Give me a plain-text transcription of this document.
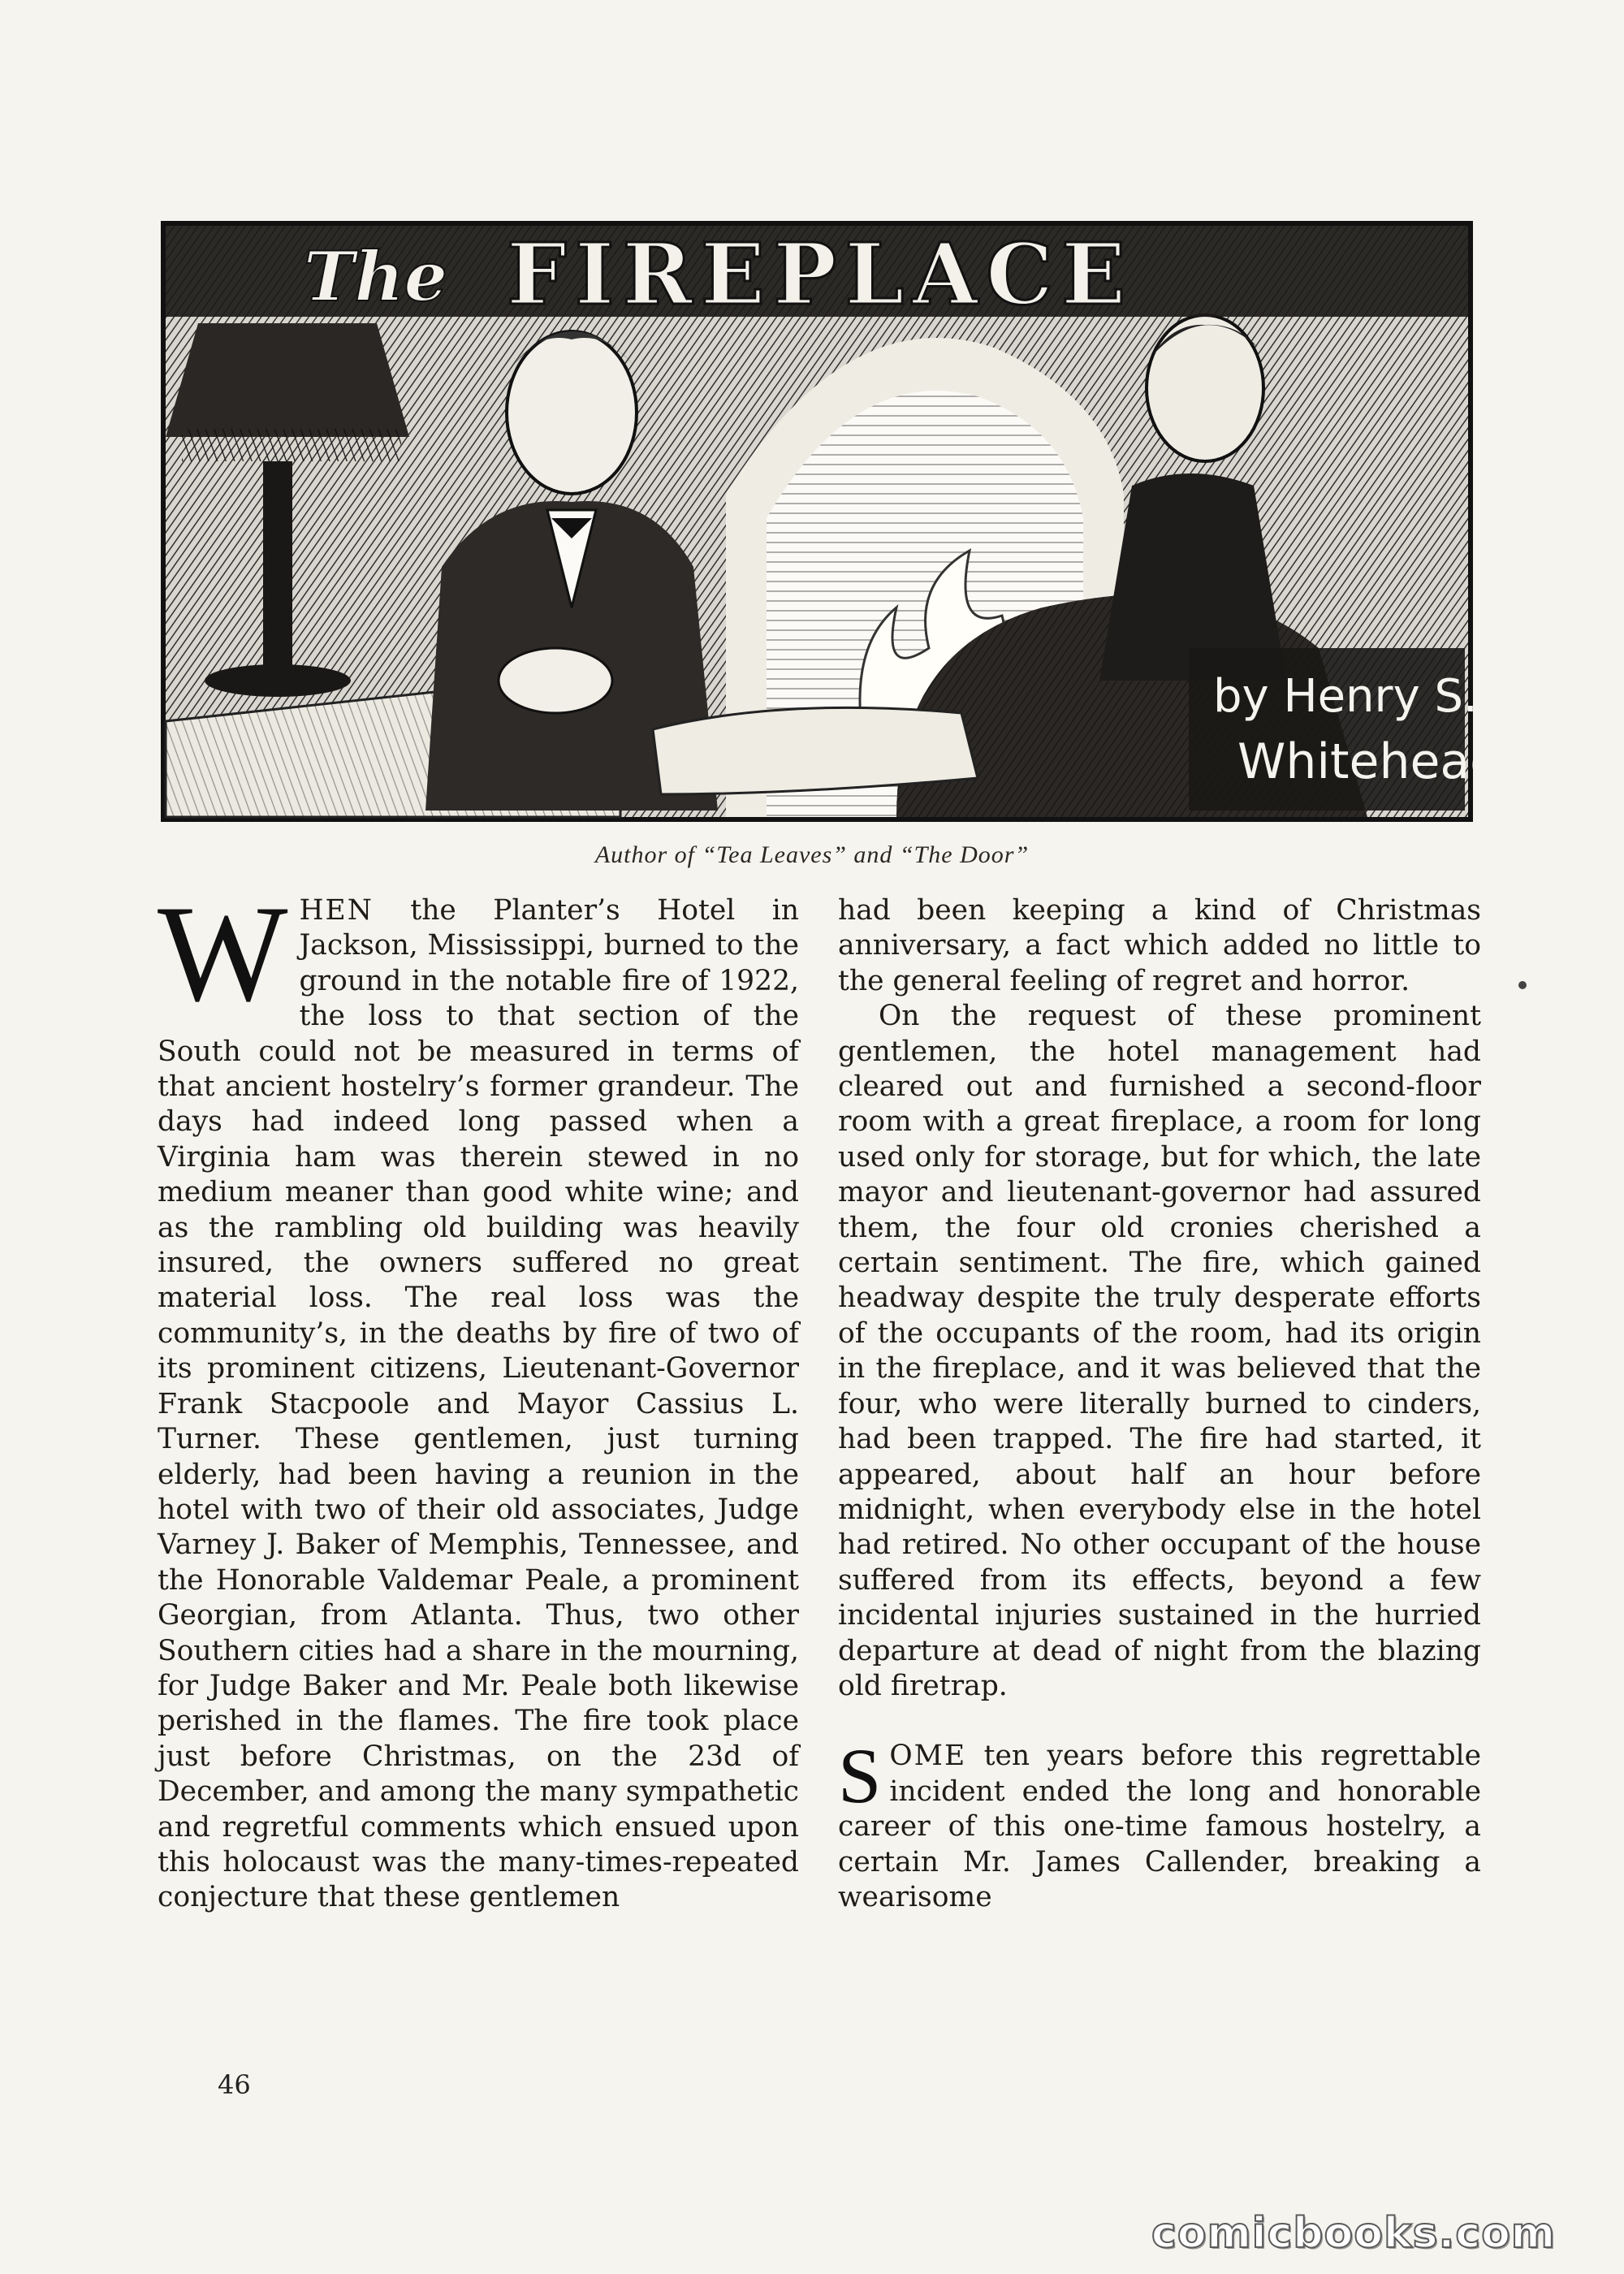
The FIREPLACE
by Henry S.
Whitehead
Author of “Tea Leaves” and “The Door”

WHEN the Planter’s Hotel in Jackson, Mississippi, burned to the ground in the notable fire of 1922, the loss to that section of the South could not be measured in terms of that ancient hostelry’s former grandeur. The days had indeed long passed when a Virginia ham was therein stewed in no medium meaner than good white wine; and as the rambling old building was heavily insured, the owners suffered no great material loss. The real loss was the community’s, in the deaths by fire of two of its prominent citizens, Lieutenant-Governor Frank Stacpoole and Mayor Cassius L. Turner. These gentlemen, just turning elderly, had been having a reunion in the hotel with two of their old associates, Judge Varney J. Baker of Memphis, Tennessee, and the Honorable Valdemar Peale, a prominent Georgian, from Atlanta. Thus, two other Southern cities had a share in the mourning, for Judge Baker and Mr. Peale both likewise perished in the flames. The fire took place just before Christmas, on the 23d of December, and among the many sympathetic and regretful comments which ensued upon this holocaust was the many-times-repeated conjecture that these gentlemen

had been keeping a kind of Christmas anniversary, a fact which added no little to the general feeling of regret and horror.

On the request of these prominent gentlemen, the hotel management had cleared out and furnished a second-floor room with a great fireplace, a room for long used only for storage, but for which, the late mayor and lieutenant-governor had assured them, the four old cronies cherished a certain sentiment. The fire, which gained headway despite the truly desperate efforts of the occupants of the room, had its origin in the fireplace, and it was believed that the four, who were literally burned to cinders, had been trapped. The fire had started, it appeared, about half an hour before midnight, when everybody else in the hotel had retired. No other occupant of the house suffered from its effects, beyond a few incidental injuries sustained in the hurried departure at dead of night from the blazing old firetrap.

SOME ten years before this regrettable incident ended the long and honorable career of this one-time famous hostelry, a certain Mr. James Callender, breaking a wearisome

46
comicbooks.com
